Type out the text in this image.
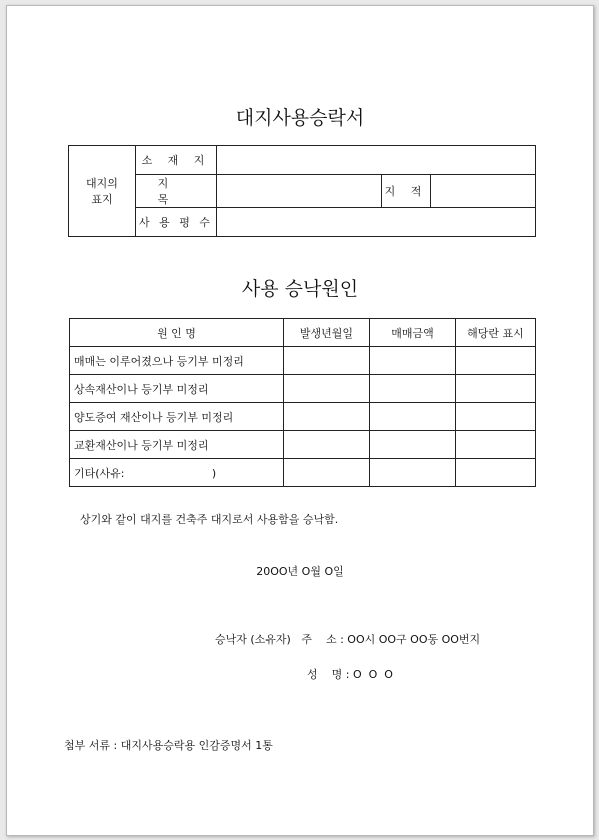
대지사용승락서
대지의
표지	소 재 지			
	지 목		지 적	
	사 용 평 수			
사용 승낙원인
원 인 명	발생년월일	매매금액	해당란 표시
매매는 이루어졌으나 등기부 미정리			
상속재산이나 등기부 미정리			
양도증여 재산이나 등기부 미정리			
교환재산이나 등기부 미정리			
기타(사유:                         )			
상기와 같이 대지를 건축주 대지로서 사용함을 승낙함.
20OO년 O월 O일
승낙자 (소유자) 주    소 : OO시 OO구 OO동 OO번지
성    명 : O  O  O
첨부 서류 : 대지사용승락용 인감증명서 1통
